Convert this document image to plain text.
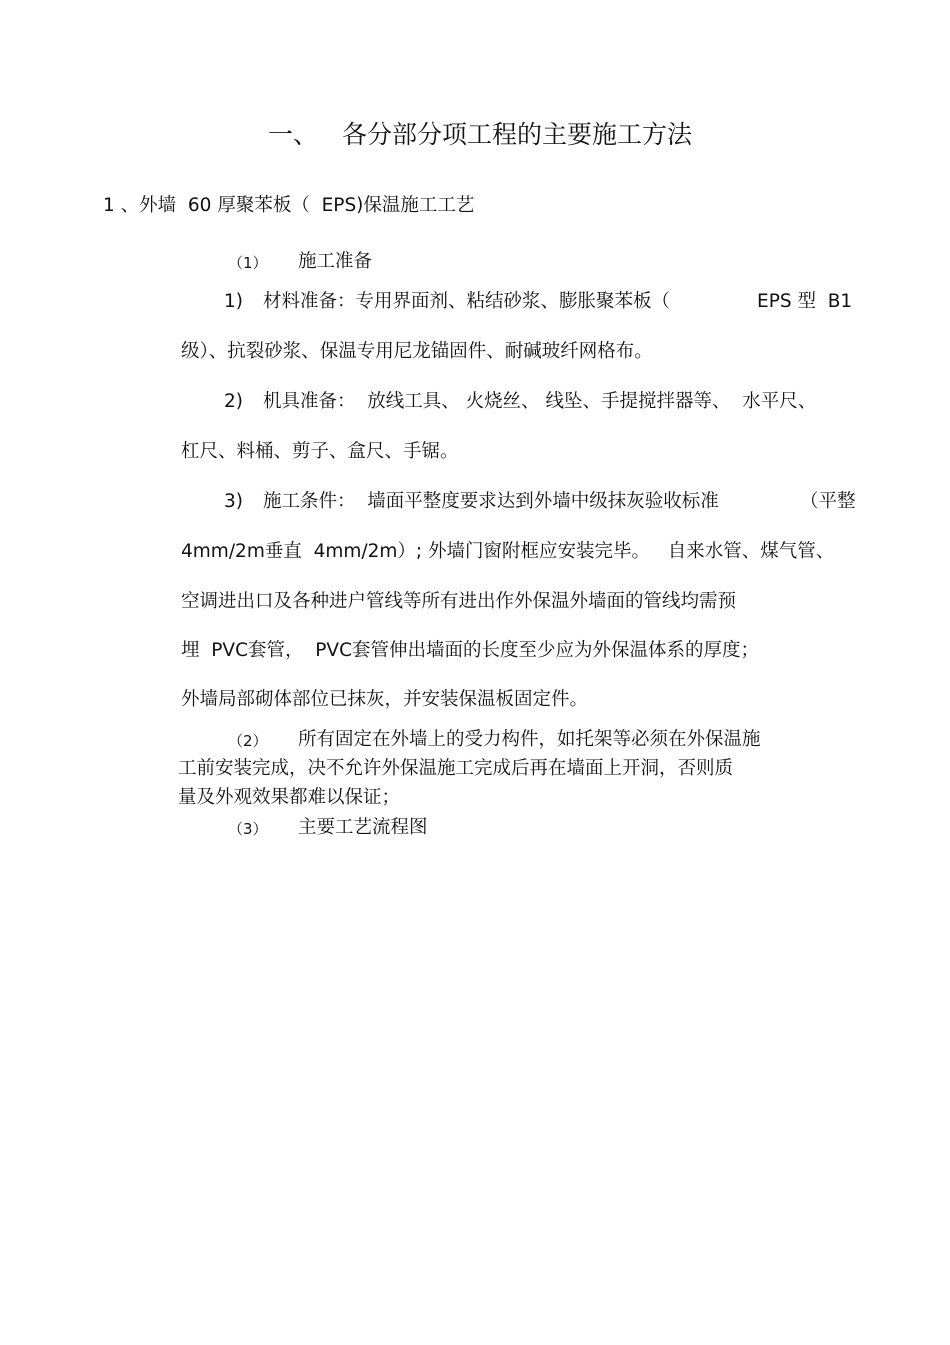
一、 各分部分项工程的主要施工方法
1 、外墙  60 厚聚苯板（  EPS)保温施工工艺
（1） 施工准备
1) 材料准备：专用界面剂、粘结砂浆、膨胀聚苯板（	EPS 型  B1
级）、抗裂砂浆、保温专用尼龙锚固件、耐碱玻纤网格布。
2) 机具准备：  放线工具、 火烧丝、 线坠、手提搅拌器等、  水平尺、
杠尺、料桶、剪子、盒尺、手锯。
3) 施工条件：  墙面平整度要求达到外墙中级抹灰验收标准	（平整
4mm/2m垂直  4mm/2m）; 外墙门窗附框应安装完毕。   自来水管、煤气管、
空调进出口及各种进户管线等所有进出作外保温外墙面的管线均需预
埋  PVC套管，  PVC套管伸出墙面的长度至少应为外保温体系的厚度；
外墙局部砌体部位已抹灰，并安装保温板固定件。
（2） 所有固定在外墙上的受力构件，如托架等必须在外保温施
工前安装完成，决不允许外保温施工完成后再在墙面上开洞，否则质
量及外观效果都难以保证；
（3） 主要工艺流程图
